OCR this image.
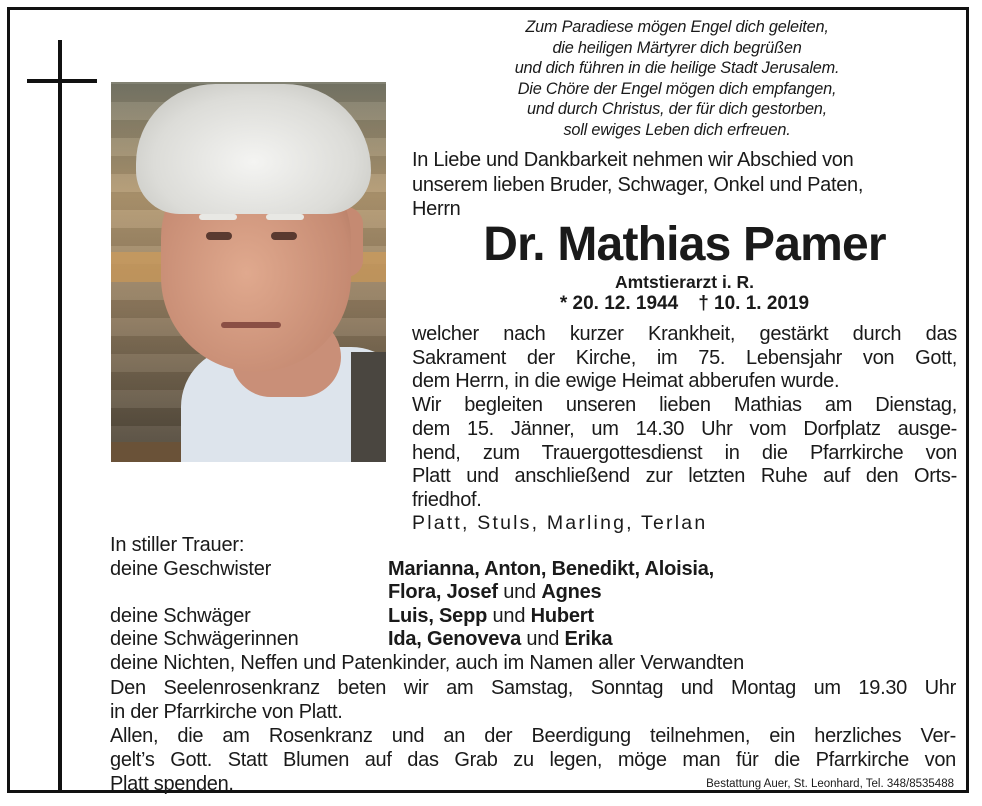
Zum Paradiese mögen Engel dich geleiten,
die heiligen Märtyrer dich begrüßen
und dich führen in die heilige Stadt Jerusalem.
Die Chöre der Engel mögen dich empfangen,
und durch Christus, der für dich gestorben,
soll ewiges Leben dich erfreuen.
In Liebe und Dankbarkeit nehmen wir Abschied von
unserem lieben Bruder, Schwager, Onkel und Paten,
Herrn
Dr. Mathias Pamer
Amtstierarzt i. R.
* 20. 12. 1944 † 10. 1. 2019
welcher nach kurzer Krankheit, gestärkt durch das
Sakrament der Kirche, im 75. Lebensjahr von Gott,
dem Herrn, in die ewige Heimat abberufen wurde.
Wir begleiten unseren lieben Mathias am Dienstag,
dem 15. Jänner, um 14.30 Uhr vom Dorfplatz ausge-
hend, zum Trauergottesdienst in die Pfarrkirche von
Platt und anschließend zur letzten Ruhe auf den Orts-
friedhof.
Platt, Stuls, Marling, Terlan
In stiller Trauer:
deine Geschwister	Marianna, Anton, Benedikt, Aloisia,
Flora, Josef und Agnes
deine Schwäger	Luis, Sepp und Hubert
deine Schwägerinnen	Ida, Genoveva und Erika
deine Nichten, Neffen und Patenkinder, auch im Namen aller Verwandten
Den Seelenrosenkranz beten wir am Samstag, Sonntag und Montag um 19.30 Uhr
in der Pfarrkirche von Platt.
Allen, die am Rosenkranz und an der Beerdigung teilnehmen, ein herzliches Ver-
gelt’s Gott. Statt Blumen auf das Grab zu legen, möge man für die Pfarrkirche von
Platt spenden.	Bestattung Auer, St. Leonhard, Tel. 348/8535488
